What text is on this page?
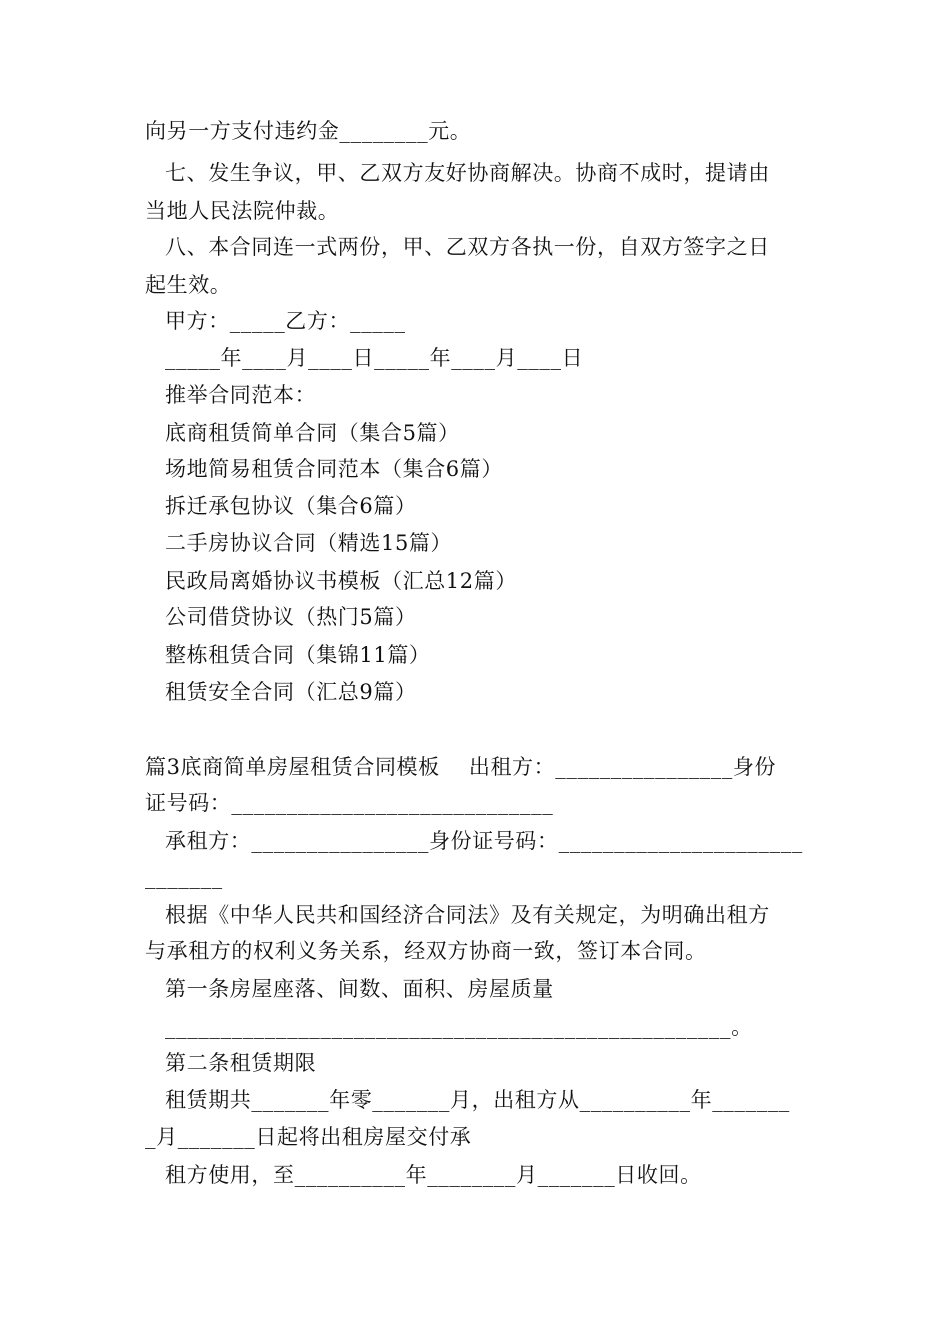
向另一方支付违约金________元。

七、发生争议，甲、乙双方友好协商解决。协商不成时，提请由

当地人民法院仲裁。

八、本合同连一式两份，甲、乙双方各执一份，自双方签字之日

起生效。

甲方：_____乙方：_____

_____年____月____日_____年____月____日

推举合同范本：

底商租赁简单合同（集合5篇）

场地简易租赁合同范本（集合6篇）

拆迁承包协议（集合6篇）

二手房协议合同（精选15篇）

民政局离婚协议书模板（汇总12篇）

公司借贷协议（热门5篇）

整栋租赁合同（集锦11篇）

租赁安全合同（汇总9篇）

篇3底商简单房屋租赁合同模板    出租方：________________身份

证号码：_____________________________

承租方：________________身份证号码：______________________

_______

根据《中华人民共和国经济合同法》及有关规定，为明确出租方

与承租方的权利义务关系，经双方协商一致，签订本合同。

第一条房屋座落、间数、面积、房屋质量

___________________________________________________。

第二条租赁期限

租赁期共_______年零_______月，出租方从__________年_______

_月_______日起将出租房屋交付承

租方使用，至__________年________月_______日收回。
